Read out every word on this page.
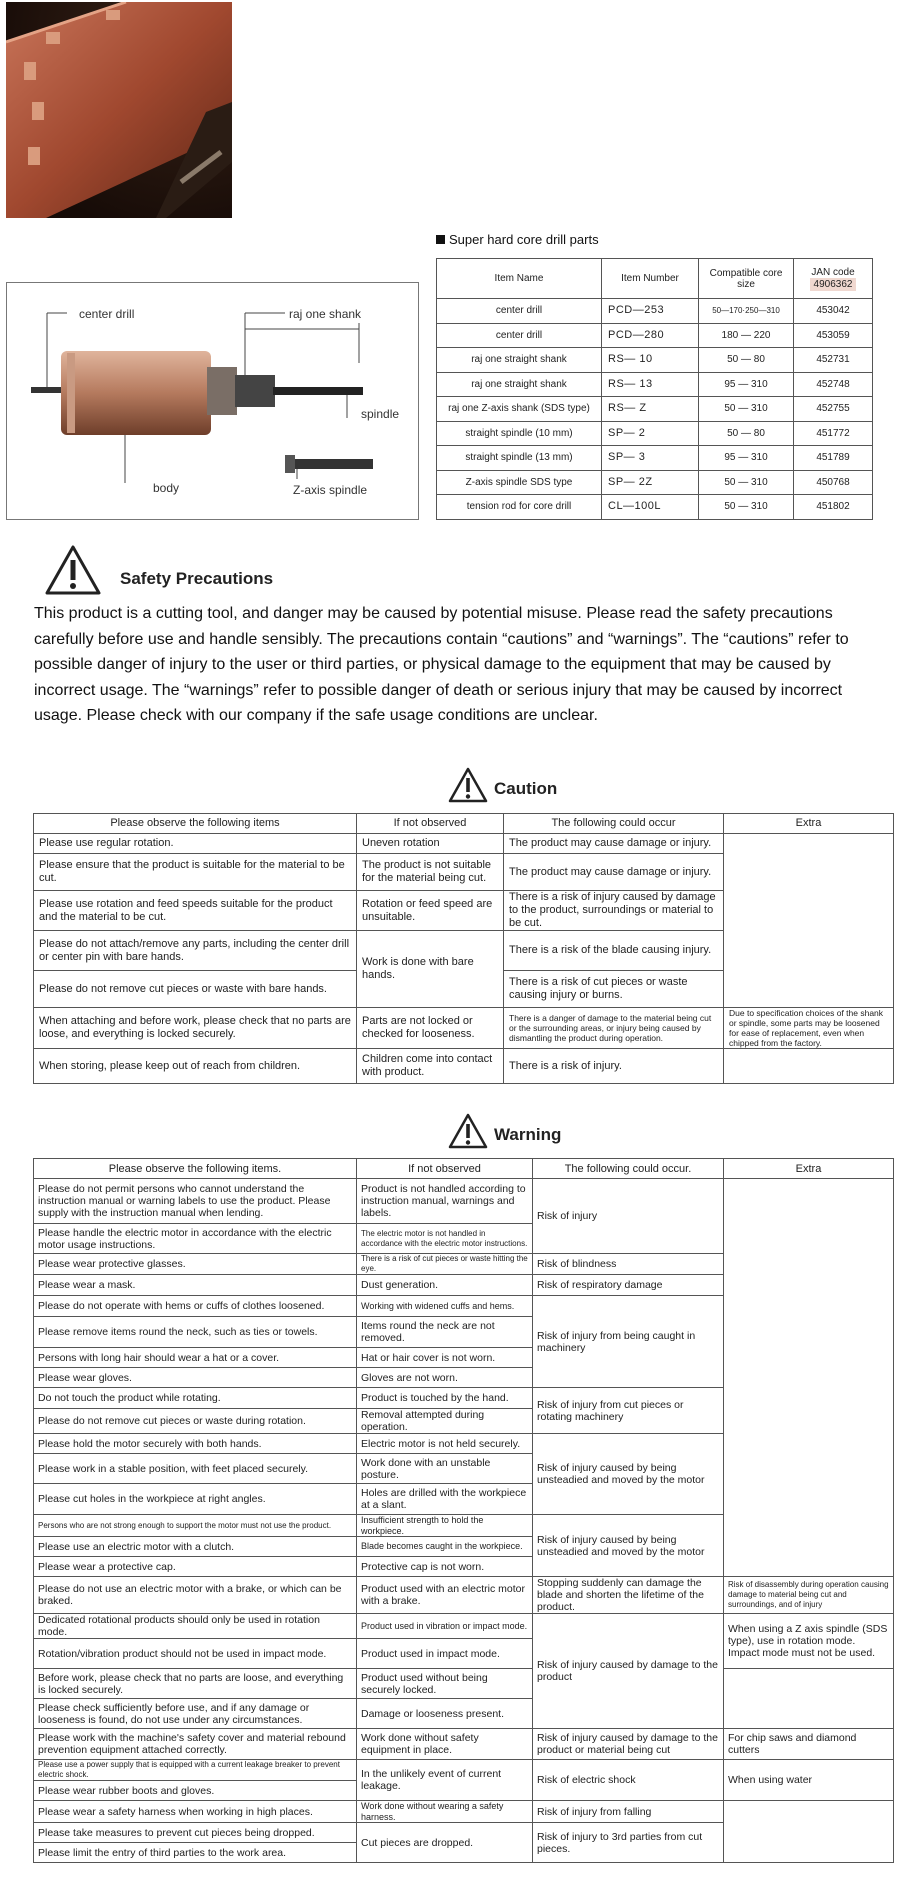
center drill	raj one shank
spindle
body	Z-axis spindle
Super hard core drill parts
Item Name	Item Number	Compatible core size	JAN code
4906362
center drill	PCD—253	50—170·250—310	453042
center drill	PCD—280	180 — 220	453059
raj one straight shank	RS— 10	50 — 80	452731
raj one straight shank	RS— 13	95 — 310	452748
raj one Z-axis shank (SDS type)	RS— Z	50 — 310	452755
straight spindle (10 mm)	SP— 2	50 — 80	451772
straight spindle (13 mm)	SP— 3	95 — 310	451789
Z-axis spindle SDS type	SP— 2Z	50 — 310	450768
tension rod for core drill	CL—100L	50 — 310	451802
Safety Precautions
This product is a cutting tool, and danger may be caused by potential misuse. Please read the safety precautions carefully before use and handle sensibly. The precautions contain “cautions” and “warnings”. The “cautions” refer to possible danger of injury to the user or third parties, or physical damage to the equipment that may be caused by incorrect usage. The “warnings” refer to possible danger of death or serious injury that may be caused by incorrect usage. Please check with our company if the safe usage conditions are unclear.
Caution
Please observe the following items	If not observed	The following could occur	Extra
Please use regular rotation.	Uneven rotation	The product may cause damage or injury.	
Please ensure that the product is suitable for the material to be cut.	The product is not suitable for the material being cut.	The product may cause damage or injury.	
Please use rotation and feed speeds suitable for the product and the material to be cut.	Rotation or feed speed are unsuitable.	There is a risk of injury caused by damage to the product, surroundings or material to be cut.	
Please do not attach/remove any parts, including the center drill or center pin with bare hands.	Work is done with bare hands.	There is a risk of the blade causing injury.	
Please do not remove cut pieces or waste with bare hands.		There is a risk of cut pieces or waste causing injury or burns.	
When attaching and before work, please check that no parts are loose, and everything is locked securely.	Parts are not locked or checked for looseness.	There is a danger of damage to the material being cut or the surrounding areas, or injury being caused by dismantling the product during operation.	Due to specification choices of the shank or spindle, some parts may be loosened for ease of replacement, even when chipped from the factory.
When storing, please keep out of reach from children.	Children come into contact with product.	There is a risk of injury.	
Warning
Please observe the following items.	If not observed	The following could occur.	Extra
Please do not permit persons who cannot understand the instruction manual or warning labels to use the product. Please supply with the instruction manual when lending.	Product is not handled according to instruction manual, warnings and labels.	Risk of injury	
Please handle the electric motor in accordance with the electric motor usage instructions.	The electric motor is not handled in accordance with the electric motor instructions.		
Please wear protective glasses.	There is a risk of cut pieces or waste hitting the eye.	Risk of blindness	
Please wear a mask.	Dust generation.	Risk of respiratory damage	
Please do not operate with hems or cuffs of clothes loosened.	Working with widened cuffs and hems.	Risk of injury from being caught in machinery	
Please remove items round the neck, such as ties or towels.	Items round the neck are not removed.		
Persons with long hair should wear a hat or a cover.	Hat or hair cover is not worn.		
Please wear gloves.	Gloves are not worn.		
Do not touch the product while rotating.	Product is touched by the hand.	Risk of injury from cut pieces or rotating machinery	
Please do not remove cut pieces or waste during rotation.	Removal attempted during operation.		
Please hold the motor securely with both hands.	Electric motor is not held securely.	Risk of injury caused by being unsteadied and moved by the motor	
Please work in a stable position, with feet placed securely.	Work done with an unstable posture.		
Please cut holes in the workpiece at right angles.	Holes are drilled with the workpiece at a slant.		
Persons who are not strong enough to support the motor must not use the product.	Insufficient strength to hold the workpiece.	Risk of injury caused by being unsteadied and moved by the motor	
Please use an electric motor with a clutch.	Blade becomes caught in the workpiece.		
Please wear a protective cap.	Protective cap is not worn.		
Please do not use an electric motor with a brake, or which can be braked.	Product used with an electric motor with a brake.	Stopping suddenly can damage the blade and shorten the lifetime of the product.	Risk of disassembly during operation causing damage to material being cut and surroundings, and of injury
Dedicated rotational products should only be used in rotation mode.	Product used in vibration or impact mode.	Risk of injury caused by damage to the product	When using a Z axis spindle (SDS type), use in rotation mode. Impact mode must not be used.
Rotation/vibration product should not be used in impact mode.	Product used in impact mode.		
Before work, please check that no parts are loose, and everything is locked securely.	Product used without being securely locked.		
Please check sufficiently before use, and if any damage or looseness is found, do not use under any circumstances.	Damage or looseness present.		
Please work with the machine's safety cover and material rebound prevention equipment attached correctly.	Work done without safety equipment in place.	Risk of injury caused by damage to the product or material being cut	For chip saws and diamond cutters
Please use a power supply that is equipped with a current leakage breaker to prevent electric shock.	In the unlikely event of current leakage.	Risk of electric shock	When using water
Please wear rubber boots and gloves.			
Please wear a safety harness when working in high places.	Work done without wearing a safety harness.	Risk of injury from falling	
Please take measures to prevent cut pieces being dropped.	Cut pieces are dropped.	Risk of injury to 3rd parties from cut pieces.	
Please limit the entry of third parties to the work area.			
